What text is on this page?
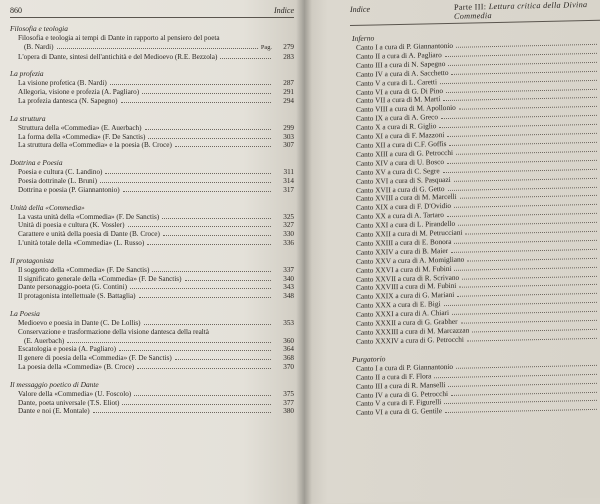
860	Indice
Filosofia e teologia
Filosofia e teologia ai tempi di Dante in rapporto al pensiero del poeta
(B. Nardi)	Pag.	279
L'opera di Dante, sintesi dell'antichità e del Medioevo (R.E. Bezzola)	283
La profezia
La visione profetica (B. Nardi)	287
Allegoria, visione e profezia (A. Pagliaro)	291
La profezia dantesca (N. Sapegno)	294
La struttura
Struttura della «Commedia» (E. Auerbach)	299
La forma della «Commedia» (F. De Sanctis)	303
La struttura della «Commedia» e la poesia (B. Croce)	307
Dottrina e Poesia
Poesia e cultura (C. Landino)	311
Poesia dottrinale (L. Bruni)	314
Dottrina e poesia (P. Giannantonio)	317
Unità della «Commedia»
La vasta unità della «Commedia» (F. De Sanctis)	325
Unità di poesia e cultura (K. Vossler)	327
Carattere e unità della poesia di Dante (B. Croce)	330
L'unità totale della «Commedia» (L. Russo)	336
Il protagonista
Il soggetto della «Commedia» (F. De Sanctis)	337
Il significato generale della «Commedia» (F. De Sanctis)	340
Dante personaggio-poeta (G. Contini)	343
Il protagonista intellettuale (S. Battaglia)	348
La Poesia
Medioevo e poesia in Dante (C. De Lollis)	353
Conservazione e trasformazione della visione dantesca della realtà
(E. Auerbach)	360
Escatologia e poesia (A. Pagliaro)	364
Il genere di poesia della «Commedia» (F. De Sanctis)	368
La poesia della «Commedia» (B. Croce)	370
Il messaggio poetico di Dante
Valore della «Commedia» (U. Foscolo)	375
Dante, poeta universale (T.S. Eliot)	377
Dante e noi (E. Montale)	380
Indice	Parte III: Lettura critica della Divina Commedia
Inferno
Canto I a cura di P. Giannantonio
Canto II a cura di A. Pagliaro
Canto III a cura di N. Sapegno
Canto IV a cura di A. Sacchetto
Canto V a cura di L. Caretti
Canto VI a cura di G. Di Pino
Canto VII a cura di M. Marti
Canto VIII a cura di M. Apollonio
Canto IX a cura di A. Greco
Canto X a cura di R. Giglio
Canto XI a cura di F. Mazzoni
Canto XII a cura di C.F. Goffis
Canto XIII a cura di G. Petrocchi
Canto XIV a cura di U. Bosco
Canto XV a cura di C. Segre
Canto XVI a cura di S. Pasquazi
Canto XVII a cura di G. Getto
Canto XVIII a cura di M. Marcelli
Canto XIX a cura di F. D'Ovidio
Canto XX a cura di A. Tartaro
Canto XXI a cura di L. Pirandello
Canto XXII a cura di M. Petrucciani
Canto XXIII a cura di E. Bonora
Canto XXIV a cura di B. Maier
Canto XXV a cura di A. Momigliano
Canto XXVI a cura di M. Fubini
Canto XXVII a cura di R. Scrivano
Canto XXVIII a cura di M. Fubini
Canto XXIX a cura di G. Mariani
Canto XXX a cura di E. Bigi
Canto XXXI a cura di A. Chiari
Canto XXXII a cura di G. Grabher
Canto XXXIII a cura di M. Marcazzan
Canto XXXIV a cura di G. Petrocchi
Purgatorio
Canto I a cura di P. Giannantonio
Canto II a cura di F. Flora
Canto III a cura di R. Manselli
Canto IV a cura di G. Petrocchi
Canto V a cura di F. Figurelli
Canto VI a cura di G. Gentile
